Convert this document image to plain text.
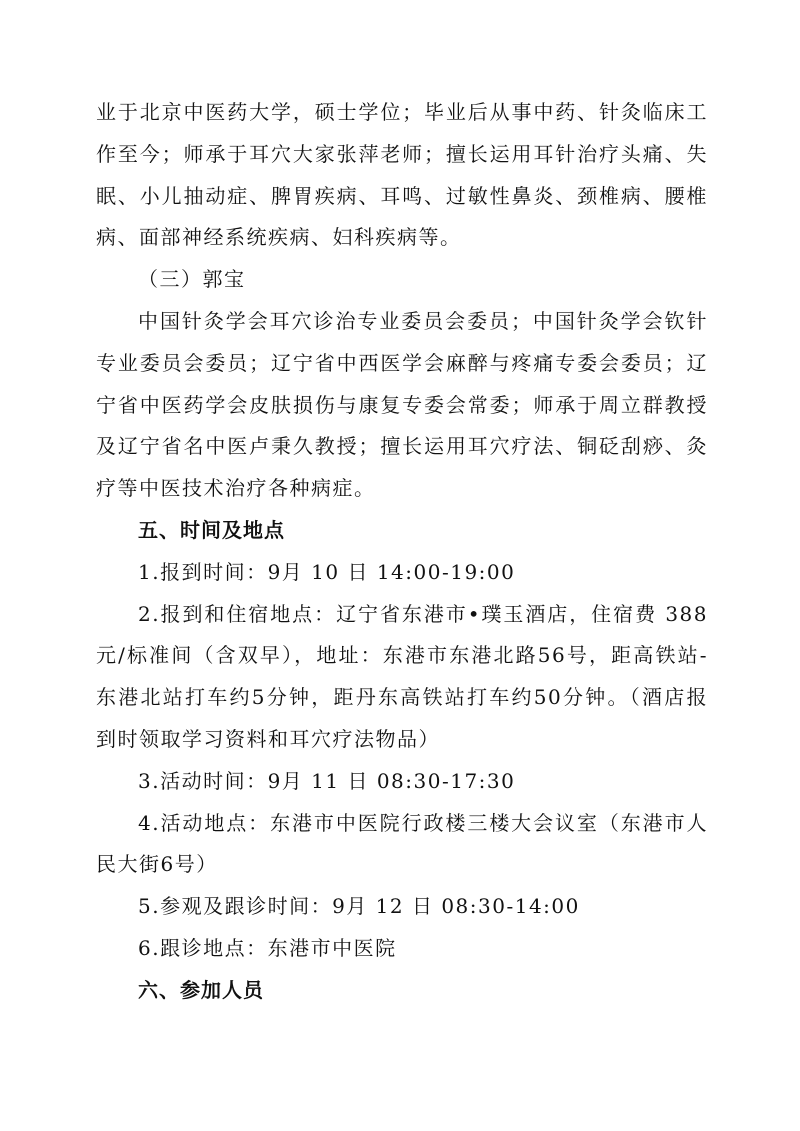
业于北京中医药大学，硕士学位；毕业后从事中药、针灸临床工作至今；师承于耳穴大家张萍老师；擅长运用耳针治疗头痛、失眠、小儿抽动症、脾胃疾病、耳鸣、过敏性鼻炎、颈椎病、腰椎病、面部神经系统疾病、妇科疾病等。

（三）郭宝

中国针灸学会耳穴诊治专业委员会委员；中国针灸学会钦针专业委员会委员；辽宁省中西医学会麻醉与疼痛专委会委员；辽宁省中医药学会皮肤损伤与康复专委会常委；师承于周立群教授及辽宁省名中医卢秉久教授；擅长运用耳穴疗法、铜砭刮痧、灸疗等中医技术治疗各种病症。

五、时间及地点

1.报到时间：9月 10 日 14:00-19:00

2.报到和住宿地点：辽宁省东港市•璞玉酒店，住宿费 388元/标准间（含双早），地址：东港市东港北路56号，距高铁站-东港北站打车约5分钟，距丹东高铁站打车约50分钟。（酒店报到时领取学习资料和耳穴疗法物品）

3.活动时间：9月 11 日 08:30-17:30

4.活动地点：东港市中医院行政楼三楼大会议室（东港市人民大街6号）

5.参观及跟诊时间：9月 12 日 08:30-14:00

6.跟诊地点：东港市中医院

六、参加人员
